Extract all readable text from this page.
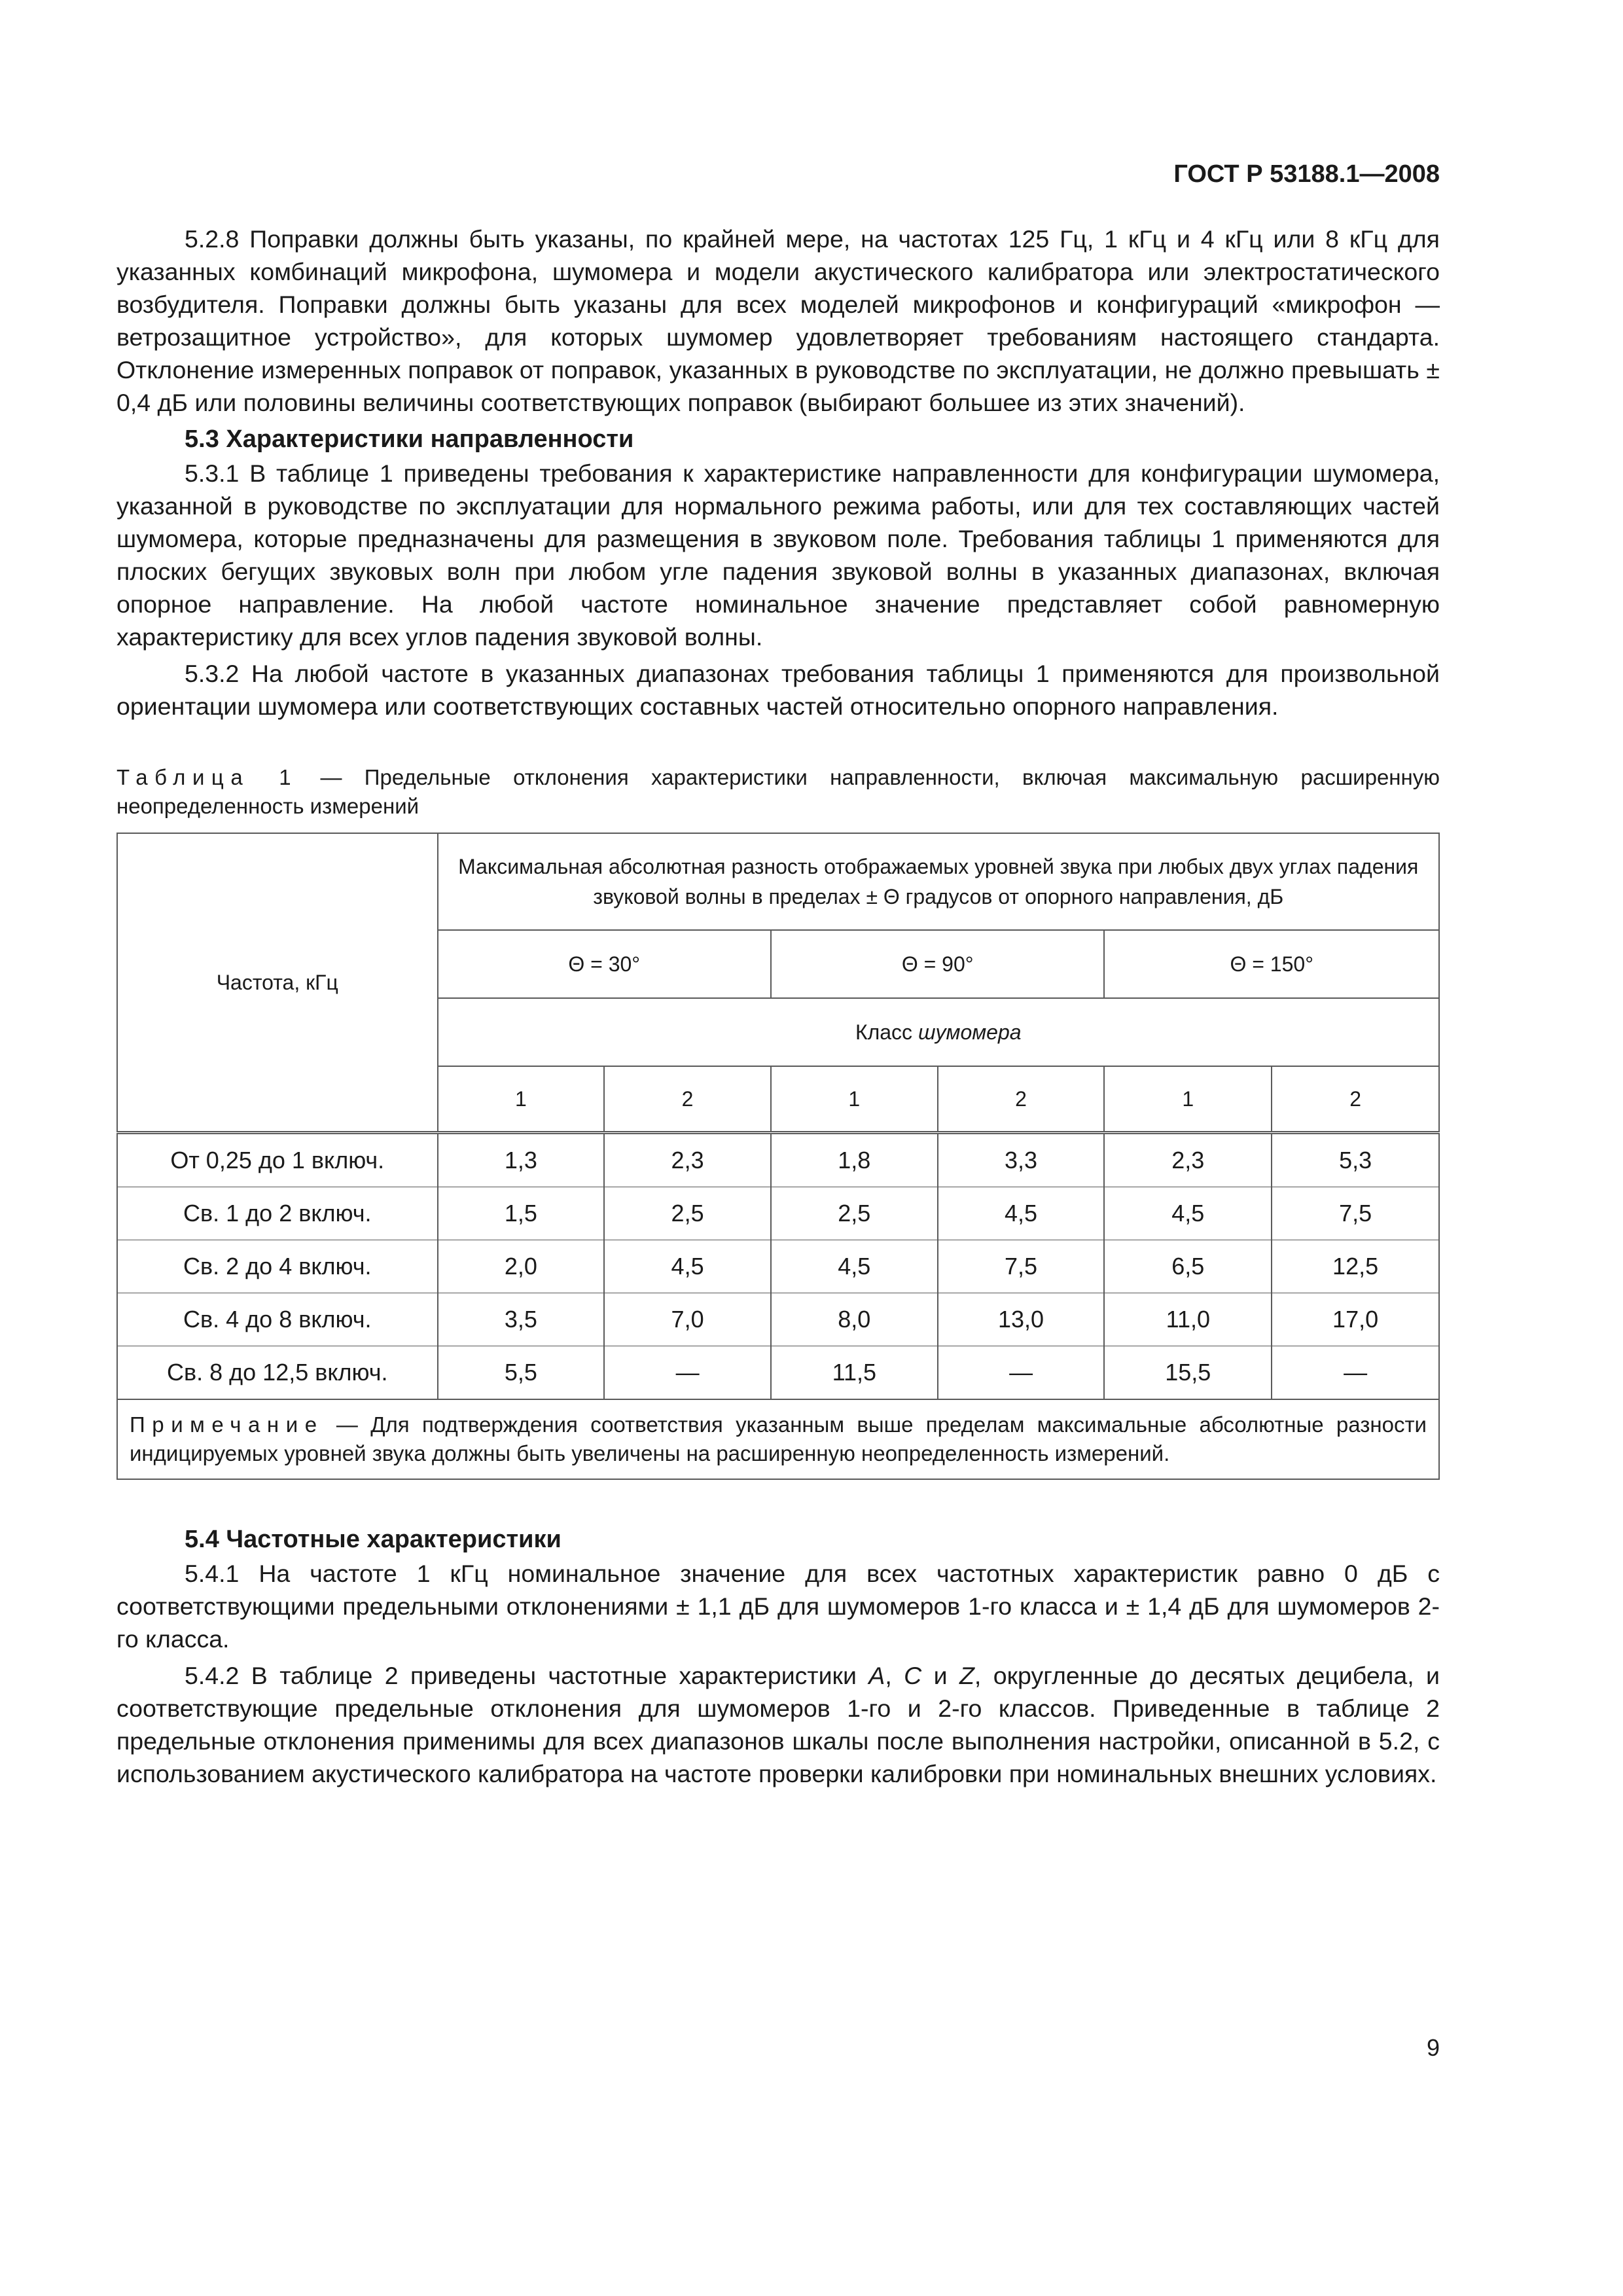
ГОСТ Р 53188.1—2008

5.2.8 Поправки должны быть указаны, по крайней мере, на частотах 125 Гц, 1 кГц и 4 кГц или 8 кГц для указанных комбинаций микрофона, шумомера и модели акустического калибратора или электростатического возбудителя. Поправки должны быть указаны для всех моделей микрофонов и конфигураций «микрофон — ветрозащитное устройство», для которых шумомер удовлетворяет требованиям настоящего стандарта. Отклонение измеренных поправок от поправок, указанных в руководстве по эксплуатации, не должно превышать ± 0,4 дБ или половины величины соответствующих поправок (выбирают большее из этих значений).

5.3 Характеристики направленности

5.3.1 В таблице 1 приведены требования к характеристике направленности для конфигурации шумомера, указанной в руководстве по эксплуатации для нормального режима работы, или для тех составляющих частей шумомера, которые предназначены для размещения в звуковом поле. Требования таблицы 1 применяются для плоских бегущих звуковых волн при любом угле падения звуковой волны в указанных диапазонах, включая опорное направление. На любой частоте номинальное значение представляет собой равномерную характеристику для всех углов падения звуковой волны.

5.3.2 На любой частоте в указанных диапазонах требования таблицы 1 применяются для произвольной ориентации шумомера или соответствующих составных частей относительно опорного направления.

Таблица 1 — Предельные отклонения характеристики направленности, включая максимальную расширенную неопределенность измерений
Частота, кГц	Максимальная абсолютная разность отображаемых уровней звука при любых двух углах падения звуковой волны в пределах ± Θ градусов от опорного направления, дБ					
	Θ = 30°		Θ = 90°		Θ = 150°	
	Класс шумомера					
	1	2	1	2	1	2
От 0,25 до 1 включ.	1,3	2,3	1,8	3,3	2,3	5,3
Св. 1 до 2 включ.	1,5	2,5	2,5	4,5	4,5	7,5
Св. 2 до 4 включ.	2,0	4,5	4,5	7,5	6,5	12,5
Св. 4 до 8 включ.	3,5	7,0	8,0	13,0	11,0	17,0
Св. 8 до 12,5 включ.	5,5	—	11,5	—	15,5	—
Примечание — Для подтверждения соответствия указанным выше пределам максимальные абсолютные разности индицируемых уровней звука должны быть увеличены на расширенную неопределенность измерений.						

5.4 Частотные характеристики

5.4.1 На частоте 1 кГц номинальное значение для всех частотных характеристик равно 0 дБ с соответствующими предельными отклонениями ± 1,1 дБ для шумомеров 1-го класса и ± 1,4 дБ для шумомеров 2-го класса.

5.4.2 В таблице 2 приведены частотные характеристики A, C и Z, округленные до десятых децибела, и соответствующие предельные отклонения для шумомеров 1-го и 2-го классов. Приведенные в таблице 2 предельные отклонения применимы для всех диапазонов шкалы после выполнения настройки, описанной в 5.2, с использованием акустического калибратора на частоте проверки калибровки при номинальных внешних условиях.

9
